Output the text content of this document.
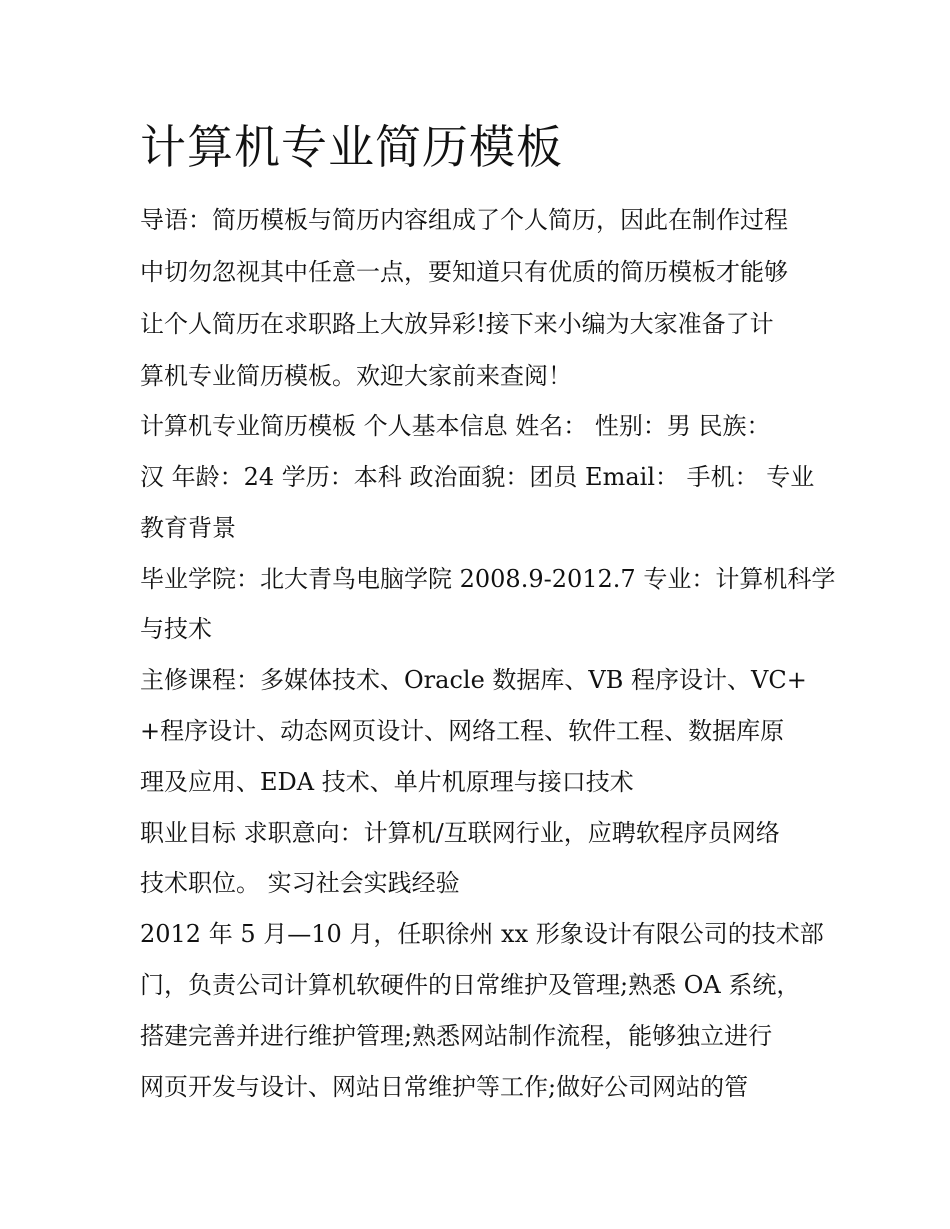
计算机专业简历模板

导语：简历模板与简历内容组成了个人简历，因此在制作过程

中切勿忽视其中任意一点，要知道只有优质的简历模板才能够

让个人简历在求职路上大放异彩!接下来小编为大家准备了计

算机专业简历模板。欢迎大家前来查阅！

计算机专业简历模板 个人基本信息 姓名： 性别：男 民族：

汉 年龄：24 学历：本科 政治面貌：团员 Email： 手机： 专业

教育背景

毕业学院：北大青鸟电脑学院 2008.9-2012.7 专业：计算机科学

与技术

主修课程：多媒体技术、Oracle 数据库、VB 程序设计、VC+

+程序设计、动态网页设计、网络工程、软件工程、数据库原

理及应用、EDA 技术、单片机原理与接口技术

职业目标 求职意向：计算机/互联网行业，应聘软程序员网络

技术职位。 实习社会实践经验

2012 年 5 月—10 月，任职徐州 xx 形象设计有限公司的技术部

门，负责公司计算机软硬件的日常维护及管理;熟悉 OA 系统，

搭建完善并进行维护管理;熟悉网站制作流程，能够独立进行

网页开发与设计、网站日常维护等工作;做好公司网站的管
